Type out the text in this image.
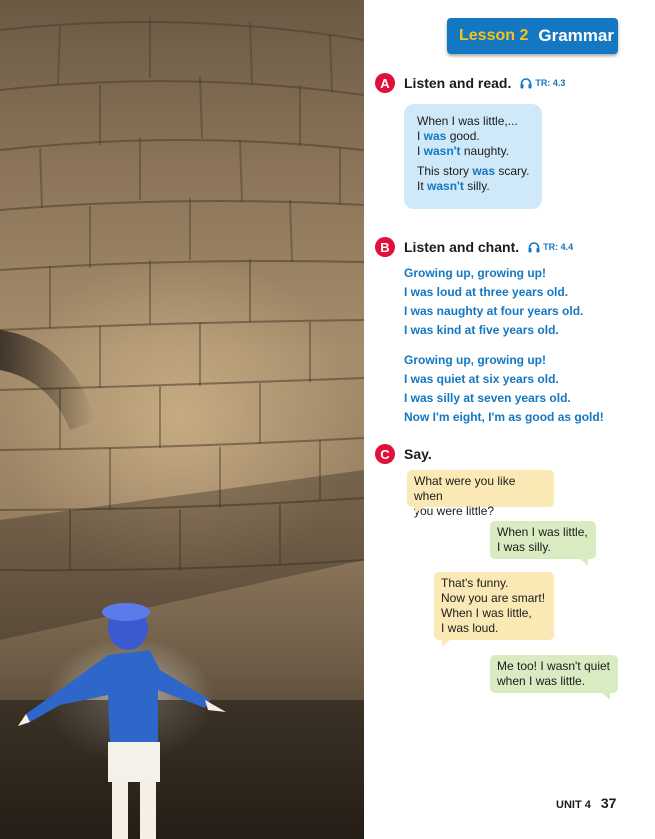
Lesson 2 Grammar
A	Listen and read.	TR: 4.3
When I was little,...
I was good.
I wasn't naughty.
This story was scary.
It wasn't silly.
B	Listen and chant.	TR: 4.4
Growing up, growing up!
I was loud at three years old.
I was naughty at four years old.
I was kind at five years old.
Growing up, growing up!
I was quiet at six years old.
I was silly at seven years old.
Now I'm eight, I'm as good as gold!
C	Say.
What were you like when
you were little?
When I was little,
I was silly.
That's funny.
Now you are smart!
When I was little,
I was loud.
Me too! I wasn't quiet
when I was little.
UNIT 4 37
